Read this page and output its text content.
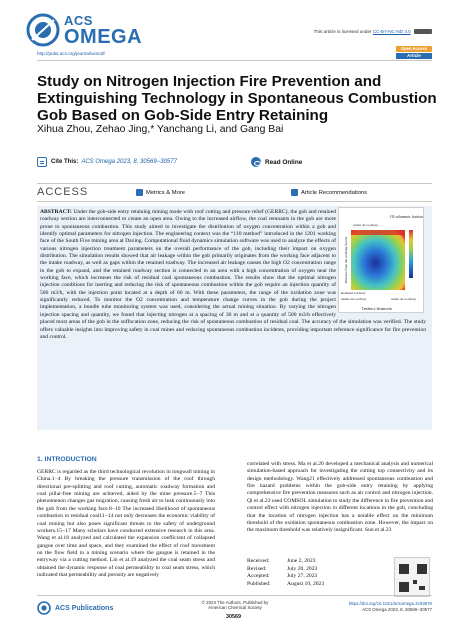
ACS
OMEGA	This article is licensed under CC-BY-NC-ND 4.0
http://pubs.acs.org/journal/acsodf
Open Access
Article
Study on Nitrogen Injection Fire Prevention and Extinguishing Technology in Spontaneous Combustion Gob Based on Gob-Side Entry Retaining
Xihua Zhou, Zehao Jing,* Yanchang Li, and Gang Bai
Cite This: ACS Omega 2023, 8, 30569−30577	Read Online
ACCESS	Metrics & More	Article Recommendations
ABSTRACT: Under the gob-side entry retaining mining mode with roof cutting and pressure relief (GERRC), the gob and retained roadway section are interconnected to create an open area. Owing to the increased airflow, the coal remnants in the gob are more prone to spontaneous combustion. This study aimed to investigate the distribution of oxygen concentration within a gob and identify optimal parameters for nitrogen injection. The engineering context was the “110 method” introduced in the 1201 working face of the South Five mining area at Daxing. Computational fluid dynamics simulation software was used to analyze the effects of various nitrogen injection treatment parameters on the overall performance of the gob, including their impact on oxygen distribution. The simulation results showed that air leakage within the gob primarily originates from the working face adjacent to the intake roadway, as well as gaps within the retained roadway. The increased air leakage causes the high O2 concentration range in the gob to expand, and the retained roadway section is connected to an area with a high concentration of oxygen near the working face, which increases the risk of residual coal spontaneous combustion. The results show that the optimal nitrogen injection conditions for inerting and reducing the risk of spontaneous combustion within the gob require an injection quantity of 500 m3/h, with the injection point located at a depth of 60 m. With these parameters, the range of the oxidation zone was significantly reduced. To monitor the O2 concentration and temperature change curves in the gob during the project implementation, a bundle tube monitoring system was used, considering the actual mining situation. By varying the nitrogen injection spacing and quantity, we found that injecting nitrogen at a spacing of 30 m and at a quantity of 500 m3/h effectively placed most areas of the gob in the suffocation zone, reducing the risk of spontaneous combustion of residual coal. The accuracy of the simulation was verified. The study offers valuable insights into improving safety in coal mines and reducing spontaneous combustion incidents, providing important reference significance for fire prevention and control.
O2 volumetric fraction
return air roadway
Retained roadway
intake air roadway	return air roadway
Tendency distance/m
Distance from the working face/m
1. INTRODUCTION
GERRC is regarded as the third technological revolution in longwall mining in China.1−4 By breaking the pressure transmission of the roof through directional pre-splitting and roof cutting, automatic roadway formation and coal pillar-free mining are achieved, aided by the mine pressure.5−7 This phenomenon changes gas migration, causing fresh air to leak continuously into the gob from the working face.8−10 The increased likelihood of spontaneous combustion in residual coal11−14 not only decreases the economic viability of coal mining but also poses significant threats to the safety of underground workers.15−17 Many scholars have conducted extensive research in this area. Wang et al.18 analyzed and calculated the expansion coefficient of collapsed gangue over time and space, and they examined the effect of roof movement on the flow field in a mining scenario where the gangue is retained in the entryway via a cutting method. Lin et al.19 analyzed the coal seam stress and obtained the dynamic response of coal permeability to coal seam stress, which indicated that permeability and porosity are negatively
correlated with stress. Ma et al.20 developed a mechanical analysis and numerical simulation-based approach for investigating the cutting top connectivity and its design methodology. Wang21 effectively addressed spontaneous combustion and fire hazard problems within the gob-side entry retaining by applying comprehensive fire prevention measures such as air control and nitrogen injection. Qi et al.22 used COMSOL simulation to study the difference in fire prevention and control effect with nitrogen injection in different locations in the gob, concluding that the location of nitrogen injection has a notable effect on the minimum threshold of the oxidation spontaneous combustion zone. However, the impact on the maximum threshold was relatively insignificant. Sun et al.23
Received:	June 2, 2023
Revised:	July 20, 2023
Accepted:	July 27, 2023
Published:	August 10, 2023
ACS Publications
© 2023 The Authors. Published by
American Chemical Society
30569
https://doi.org/10.1021/acsomega.3c03876
ACS Omega 2023, 8, 30569−30577
